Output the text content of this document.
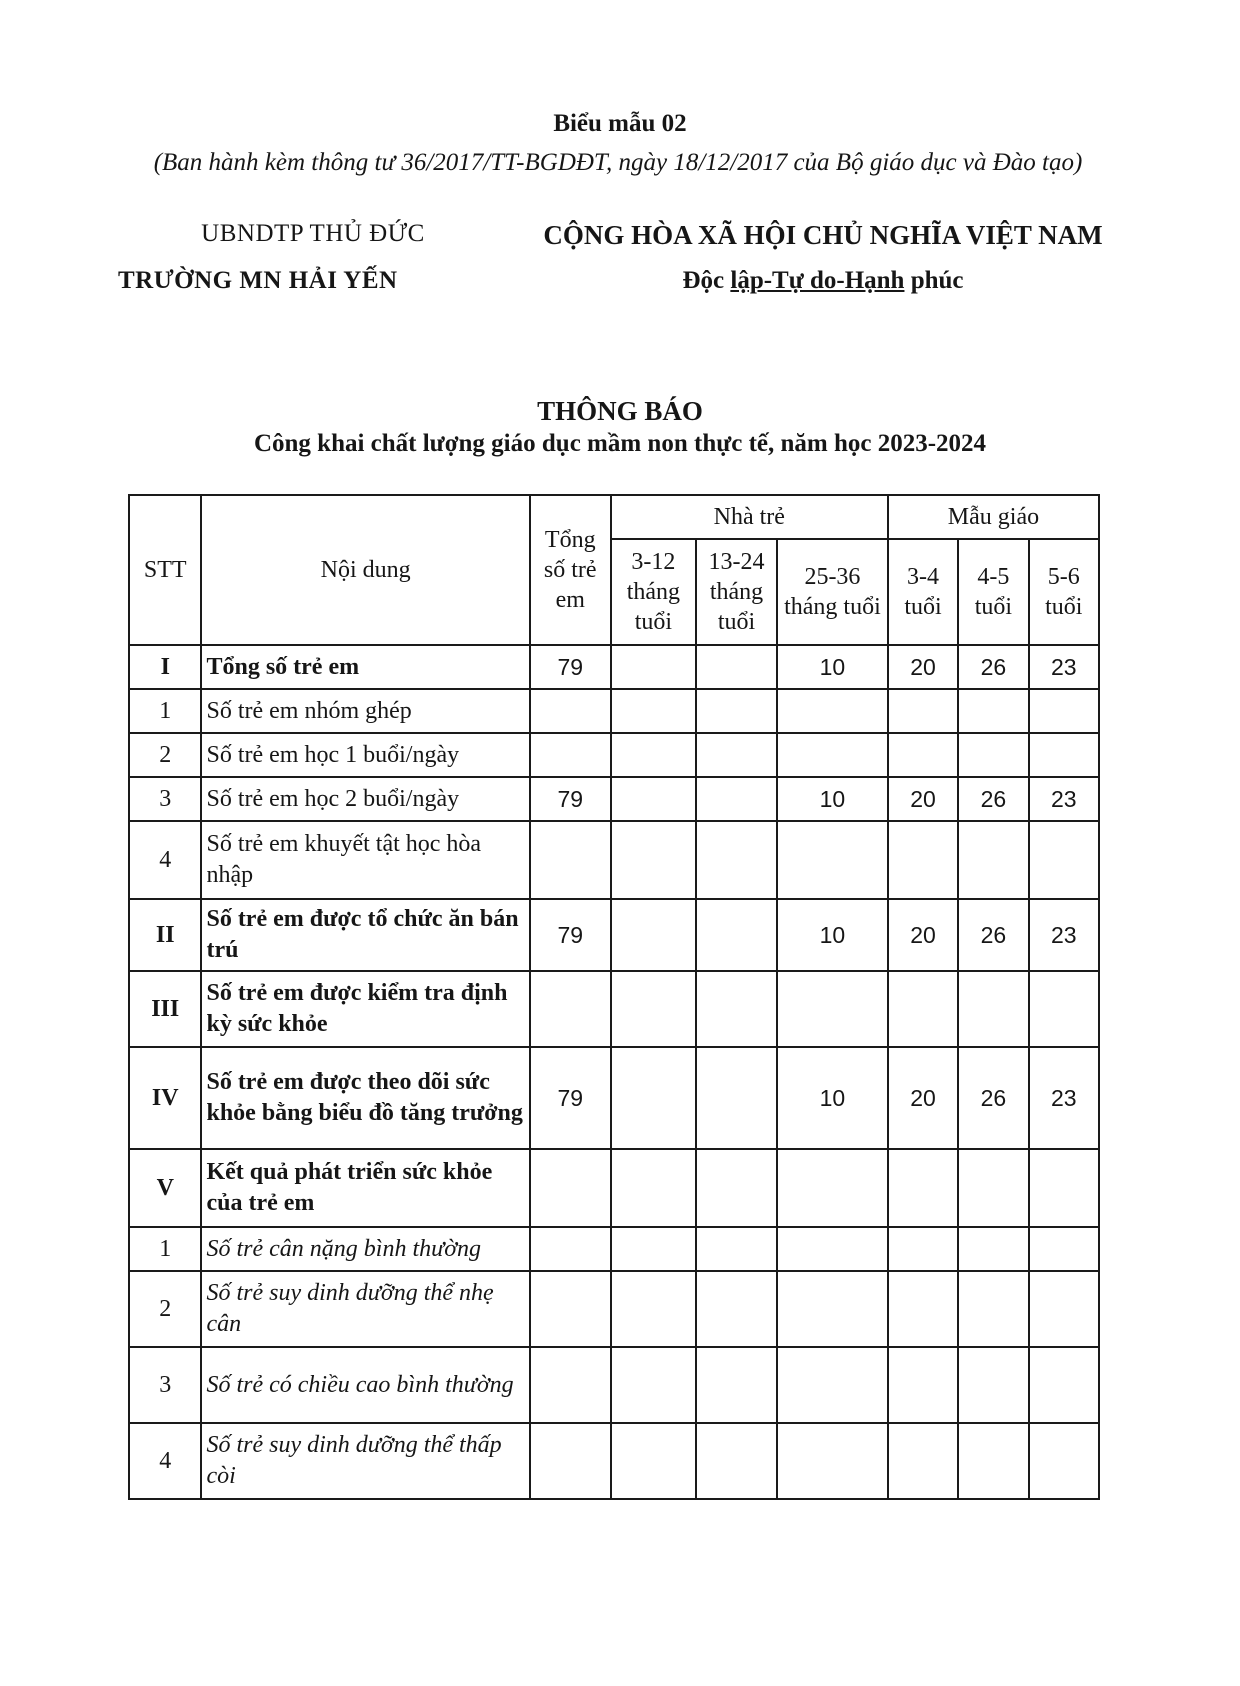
Biểu mẫu 02
(Ban hành kèm thông tư 36/2017/TT-BGDĐT, ngày 18/12/2017 của Bộ giáo dục và Đào tạo)
UBNDTP THỦ ĐỨC
TRƯỜNG MN HẢI YẾN
CỘNG HÒA XÃ HỘI CHỦ NGHĨA VIỆT NAM
Độc lập-Tự do-Hạnh phúc
THÔNG BÁO
Công khai chất lượng giáo dục mầm non thực tế, năm học 2023-2024
STT	Nội dung	Tổng số trẻ em	Nhà trẻ			Mẫu giáo		
			3-12 tháng tuổi	13-24 tháng tuổi	25-36 tháng tuổi	3-4 tuổi	4-5 tuổi	5-6 tuổi
I	Tổng số trẻ em	79			10	20	26	23
1	Số trẻ em nhóm ghép							
2	Số trẻ em học 1 buổi/ngày							
3	Số trẻ em học 2 buổi/ngày	79			10	20	26	23
4	Số trẻ em khuyết tật học hòa nhập							
II	Số trẻ em được tổ chức ăn bán trú	79			10	20	26	23
III	Số trẻ em được kiểm tra định kỳ sức khỏe							
IV	Số trẻ em được theo dõi sức khỏe bằng biểu đồ tăng trưởng	79			10	20	26	23
V	Kết quả phát triển sức khỏe của trẻ em							
1	Số trẻ cân nặng bình thường							
2	Số trẻ suy dinh dưỡng thể nhẹ cân							
3	Số trẻ có chiều cao bình thường							
4	Số trẻ suy dinh dưỡng thể thấp còi							
